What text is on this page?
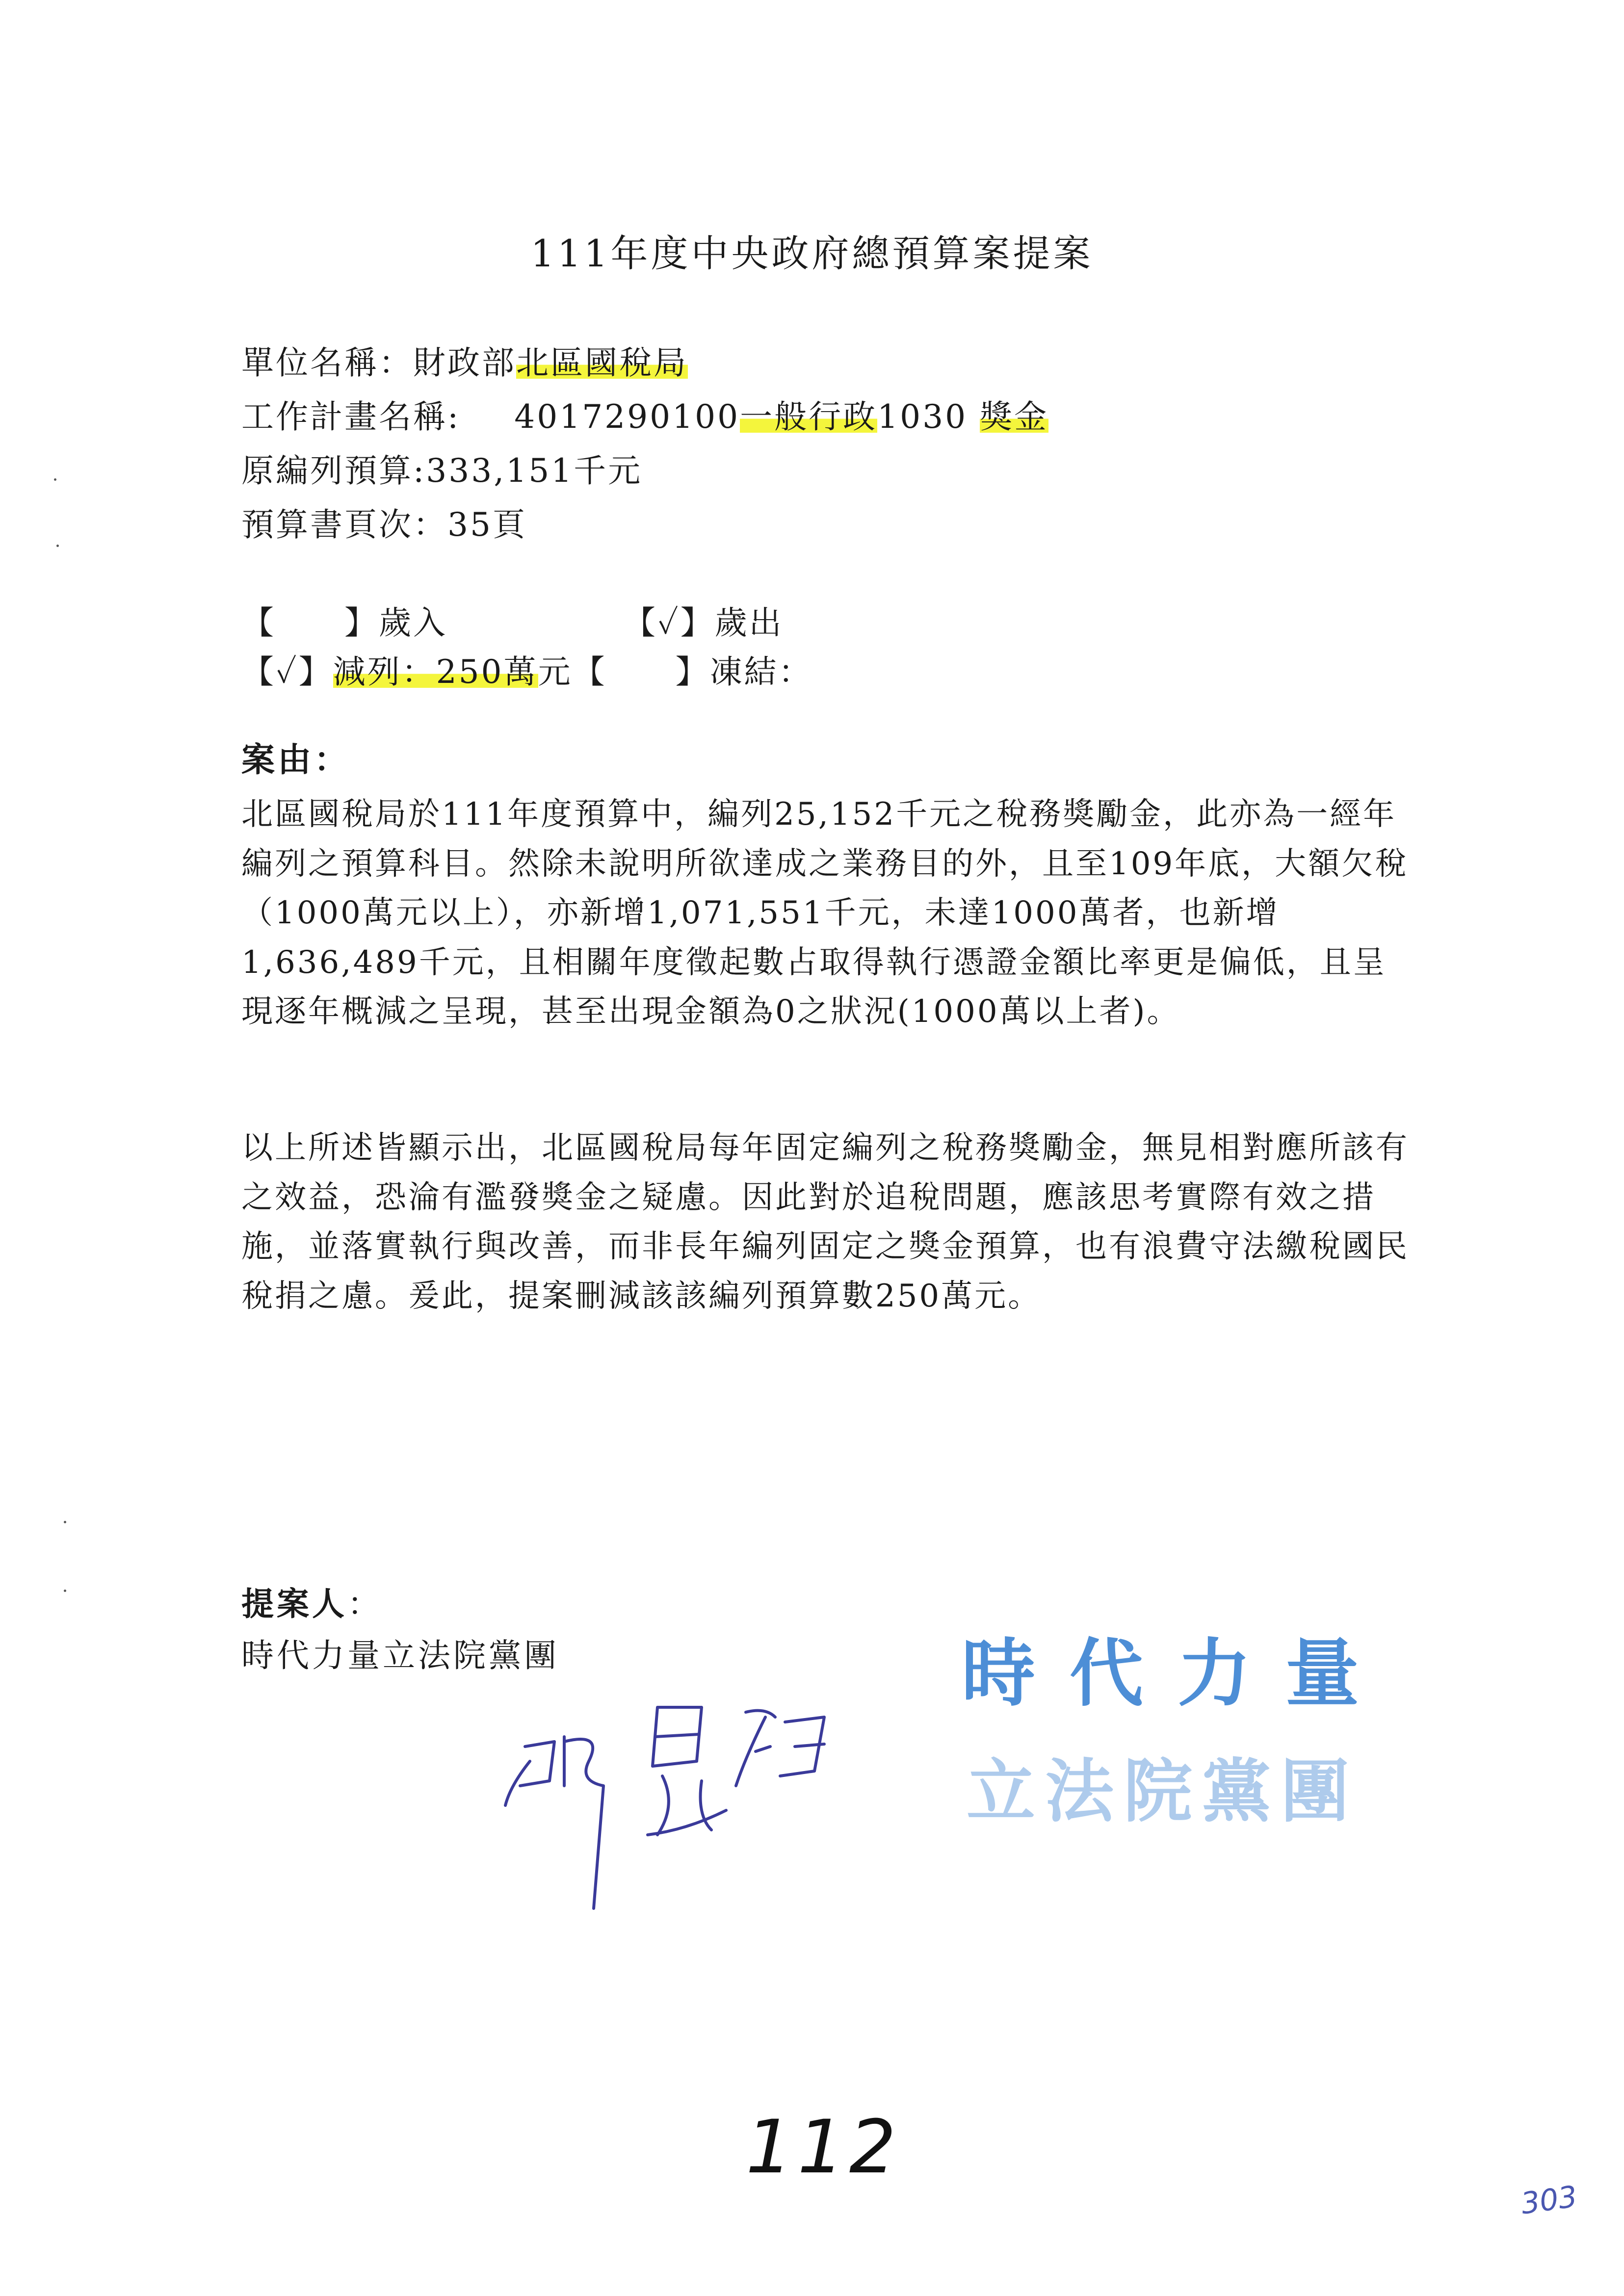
111年度中央政府總預算案提案
單位名稱：財政部北區國稅局
工作計畫名稱: 4017290100一般行政1030 獎金
原編列預算:333,151千元
預算書頁次：35頁
【　　】歲入	【✓】歲出
【✓】減列：250萬元【　　】凍結：
案由：

北區國稅局於111年度預算中，編列25,152千元之稅務獎勵金，此亦為一經年編列之預算科目。然除未說明所欲達成之業務目的外，且至109年底，大額欠稅（1000萬元以上），亦新增1,071,551千元，未達1000萬者，也新增1,636,489千元，且相關年度徵起數占取得執行憑證金額比率更是偏低，且呈現逐年概減之呈現，甚至出現金額為0之狀況(1000萬以上者)。

以上所述皆顯示出，北區國稅局每年固定編列之稅務獎勵金，無見相對應所該有之效益，恐淪有濫發獎金之疑慮。因此對於追稅問題，應該思考實際有效之措施，並落實執行與改善，而非長年編列固定之獎金預算，也有浪費守法繳稅國民稅捐之慮。爰此，提案刪減該該編列預算數250萬元。

提案人：
時代力量立法院黨團	時代力量
立法院黨團
112
303
